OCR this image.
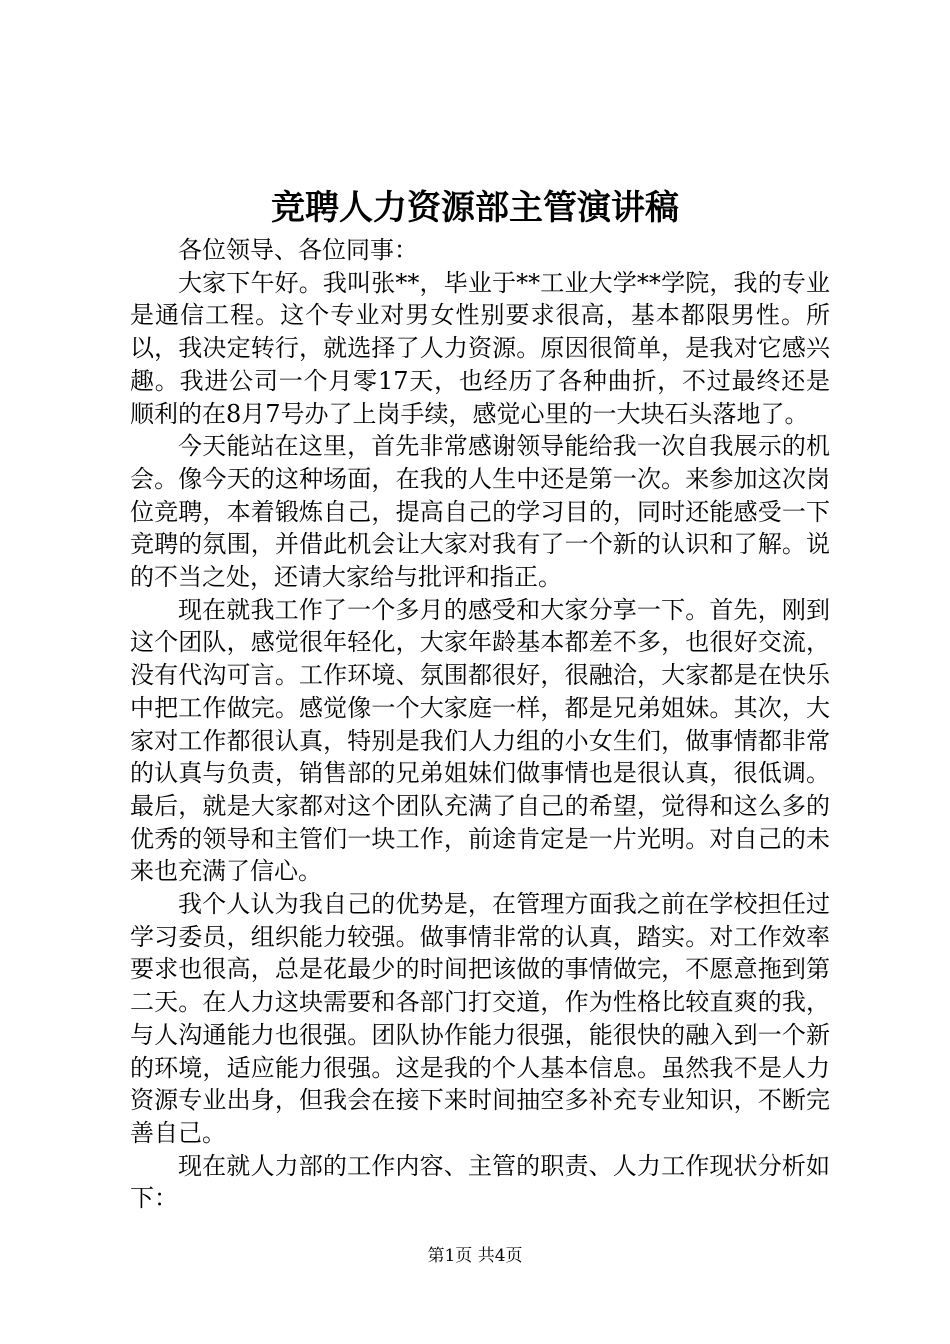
竞聘人力资源部主管演讲稿

各位领导、各位同事：

大家下午好。我叫张**，毕业于**工业大学**学院，我的专业是通信工程。这个专业对男女性别要求很高，基本都限男性。所以，我决定转行，就选择了人力资源。原因很简单，是我对它感兴趣。我进公司一个月零17天，也经历了各种曲折，不过最终还是顺利的在8月7号办了上岗手续，感觉心里的一大块石头落地了。

今天能站在这里，首先非常感谢领导能给我一次自我展示的机会。像今天的这种场面，在我的人生中还是第一次。来参加这次岗位竞聘，本着锻炼自己，提高自己的学习目的，同时还能感受一下竞聘的氛围，并借此机会让大家对我有了一个新的认识和了解。说的不当之处，还请大家给与批评和指正。

现在就我工作了一个多月的感受和大家分享一下。首先，刚到这个团队，感觉很年轻化，大家年龄基本都差不多，也很好交流，没有代沟可言。工作环境、氛围都很好，很融洽，大家都是在快乐中把工作做完。感觉像一个大家庭一样，都是兄弟姐妹。其次，大家对工作都很认真，特别是我们人力组的小女生们，做事情都非常的认真与负责，销售部的兄弟姐妹们做事情也是很认真，很低调。最后，就是大家都对这个团队充满了自己的希望，觉得和这么多的优秀的领导和主管们一块工作，前途肯定是一片光明。对自己的未来也充满了信心。

我个人认为我自己的优势是，在管理方面我之前在学校担任过学习委员，组织能力较强。做事情非常的认真，踏实。对工作效率要求也很高，总是花最少的时间把该做的事情做完，不愿意拖到第二天。在人力这块需要和各部门打交道，作为性格比较直爽的我，与人沟通能力也很强。团队协作能力很强，能很快的融入到一个新的环境，适应能力很强。这是我的个人基本信息。虽然我不是人力资源专业出身，但我会在接下来时间抽空多补充专业知识，不断完善自己。

现在就人力部的工作内容、主管的职责、人力工作现状分析如下：

第1页 共4页
